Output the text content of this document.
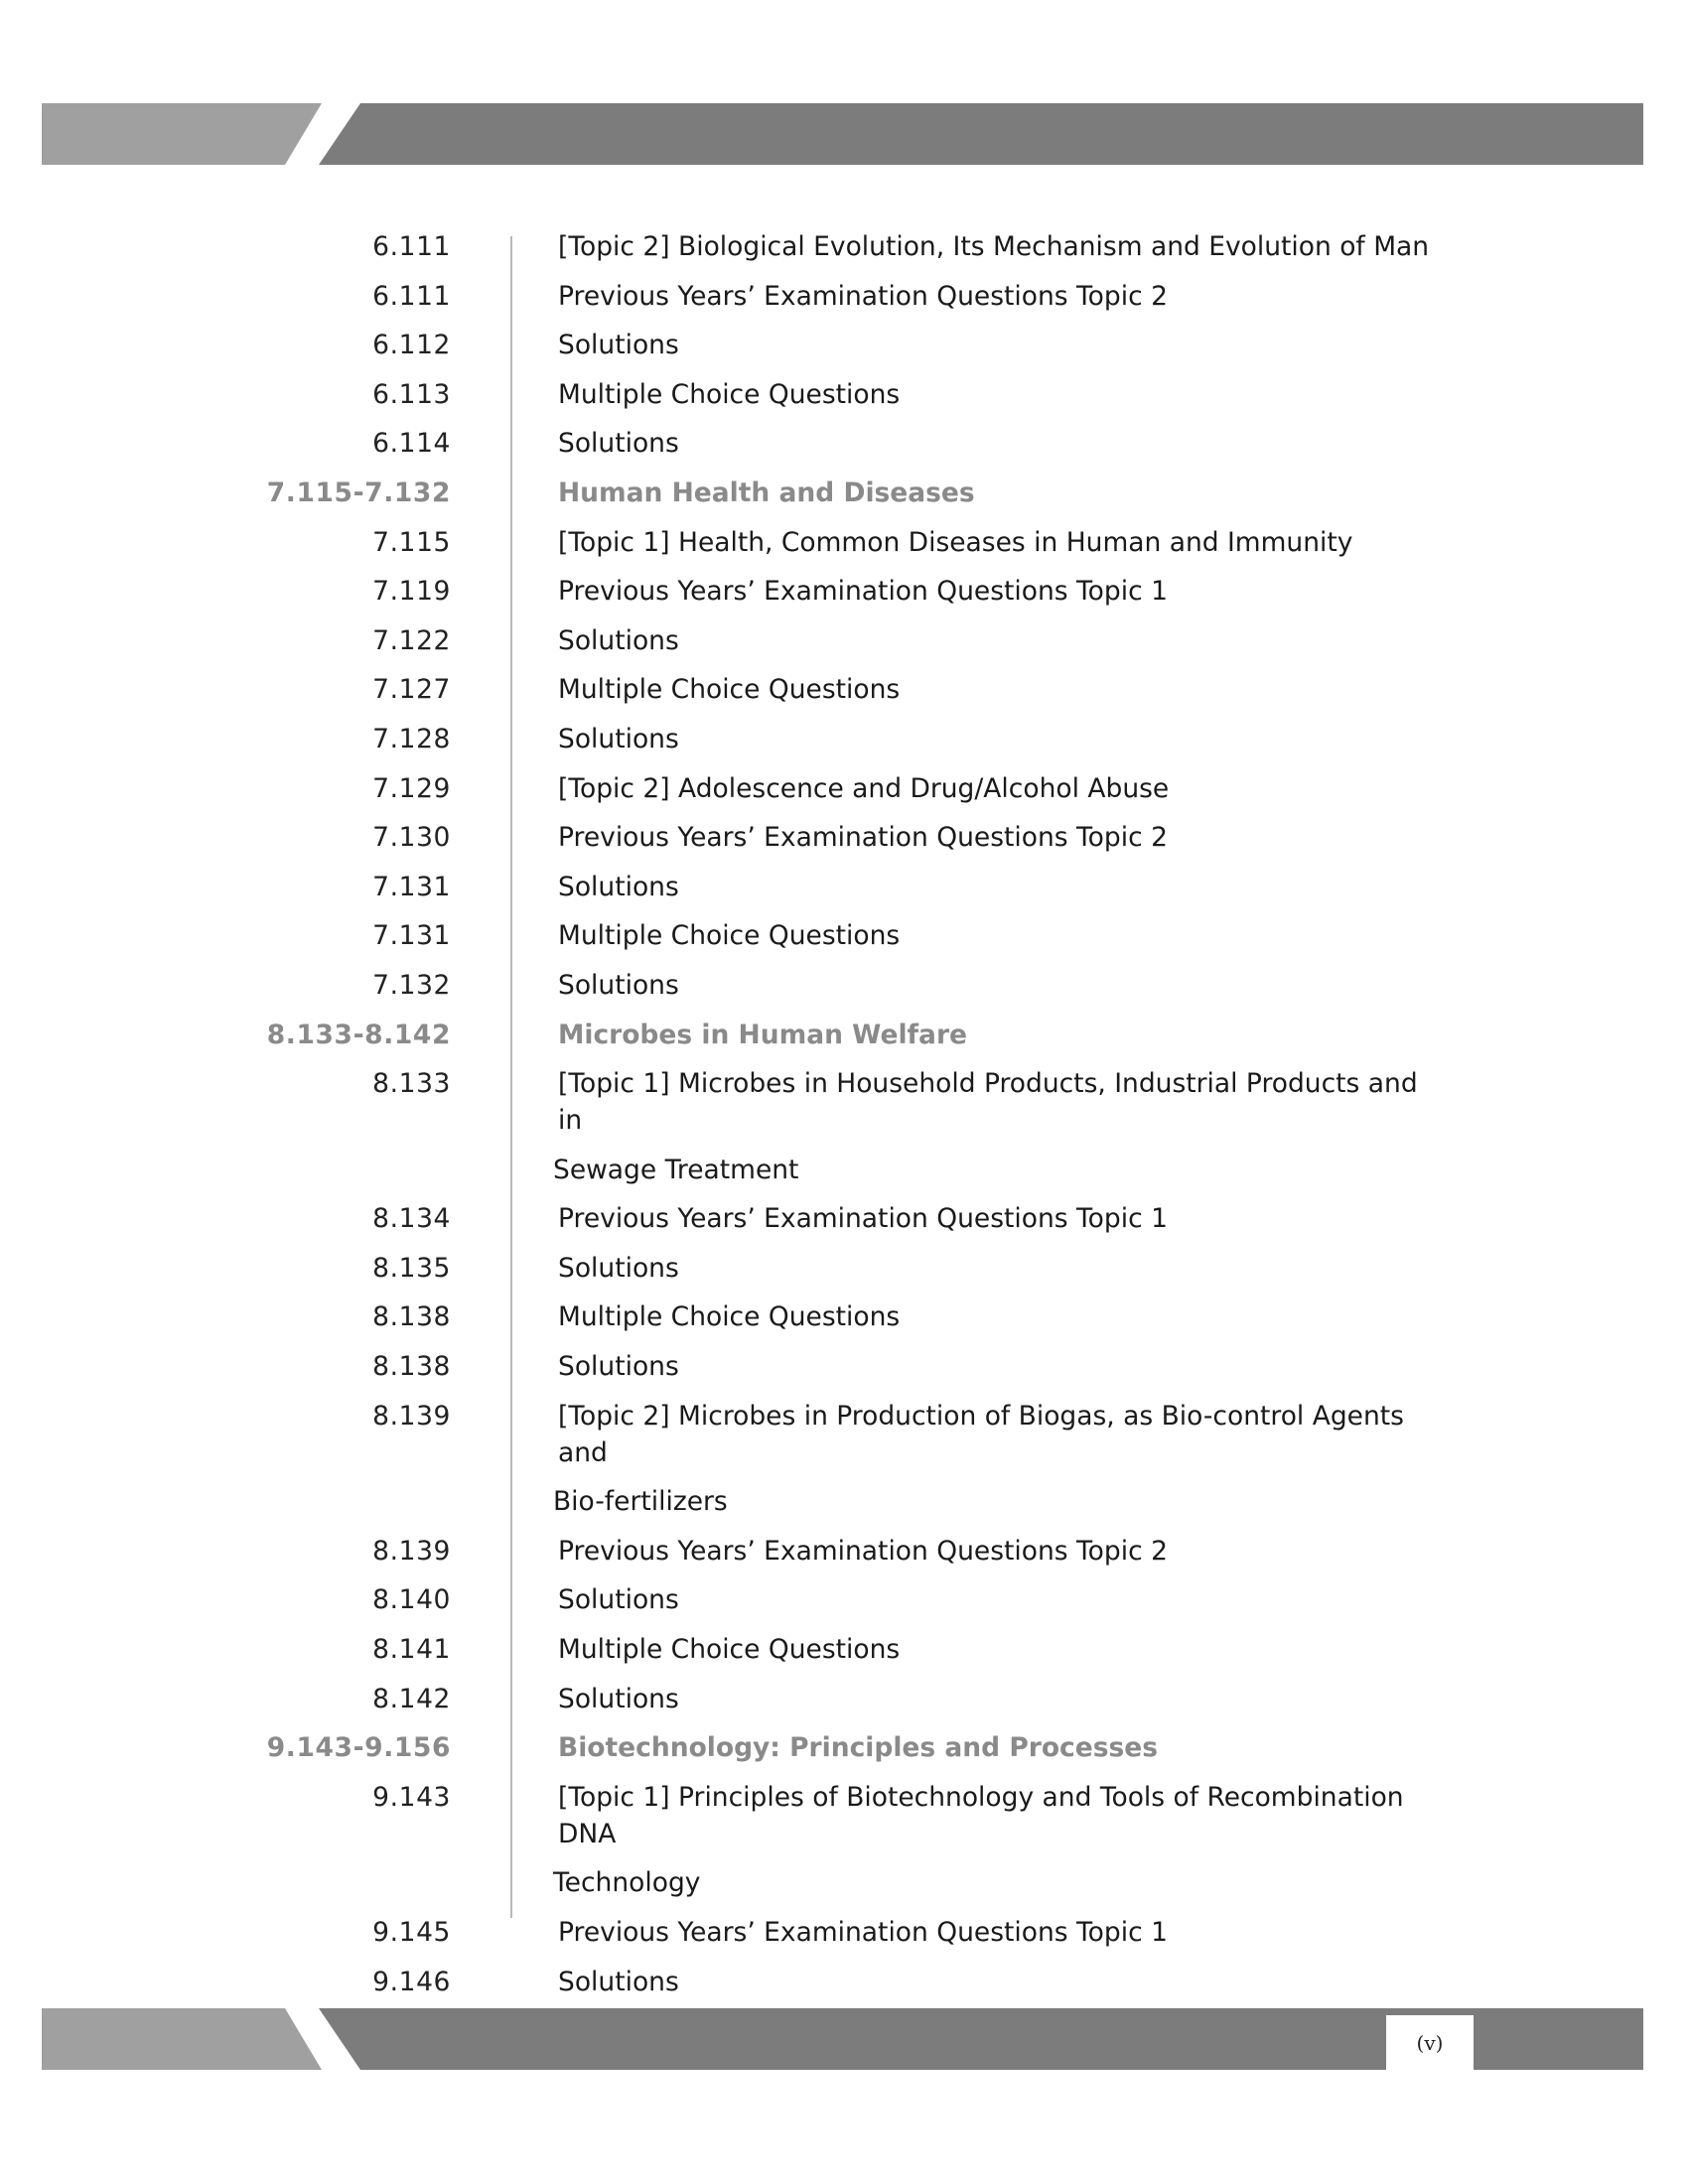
6.111	[Topic 2] Biological Evolution, Its Mechanism and Evolution of Man
6.111	Previous Years’ Examination Questions Topic 2
6.112	Solutions
6.113	Multiple Choice Questions
6.114	Solutions
7.115-7.132	Human Health and Diseases
7.115	[Topic 1] Health, Common Diseases in Human and Immunity
7.119	Previous Years’ Examination Questions Topic 1
7.122	Solutions
7.127	Multiple Choice Questions
7.128	Solutions
7.129	[Topic 2] Adolescence and Drug/Alcohol Abuse
7.130	Previous Years’ Examination Questions Topic 2
7.131	Solutions
7.131	Multiple Choice Questions
7.132	Solutions
8.133-8.142	Microbes in Human Welfare
8.133	[Topic 1] Microbes in Household Products, Industrial Products and in
Sewage Treatment
8.134	Previous Years’ Examination Questions Topic 1
8.135	Solutions
8.138	Multiple Choice Questions
8.138	Solutions
8.139	[Topic 2] Microbes in Production of Biogas, as Bio-control Agents and
Bio-fertilizers
8.139	Previous Years’ Examination Questions Topic 2
8.140	Solutions
8.141	Multiple Choice Questions
8.142	Solutions
9.143-9.156	Biotechnology: Principles and Processes
9.143	[Topic 1] Principles of Biotechnology and Tools of Recombination DNA
Technology
9.145	Previous Years’ Examination Questions Topic 1
9.146	Solutions
(v)
